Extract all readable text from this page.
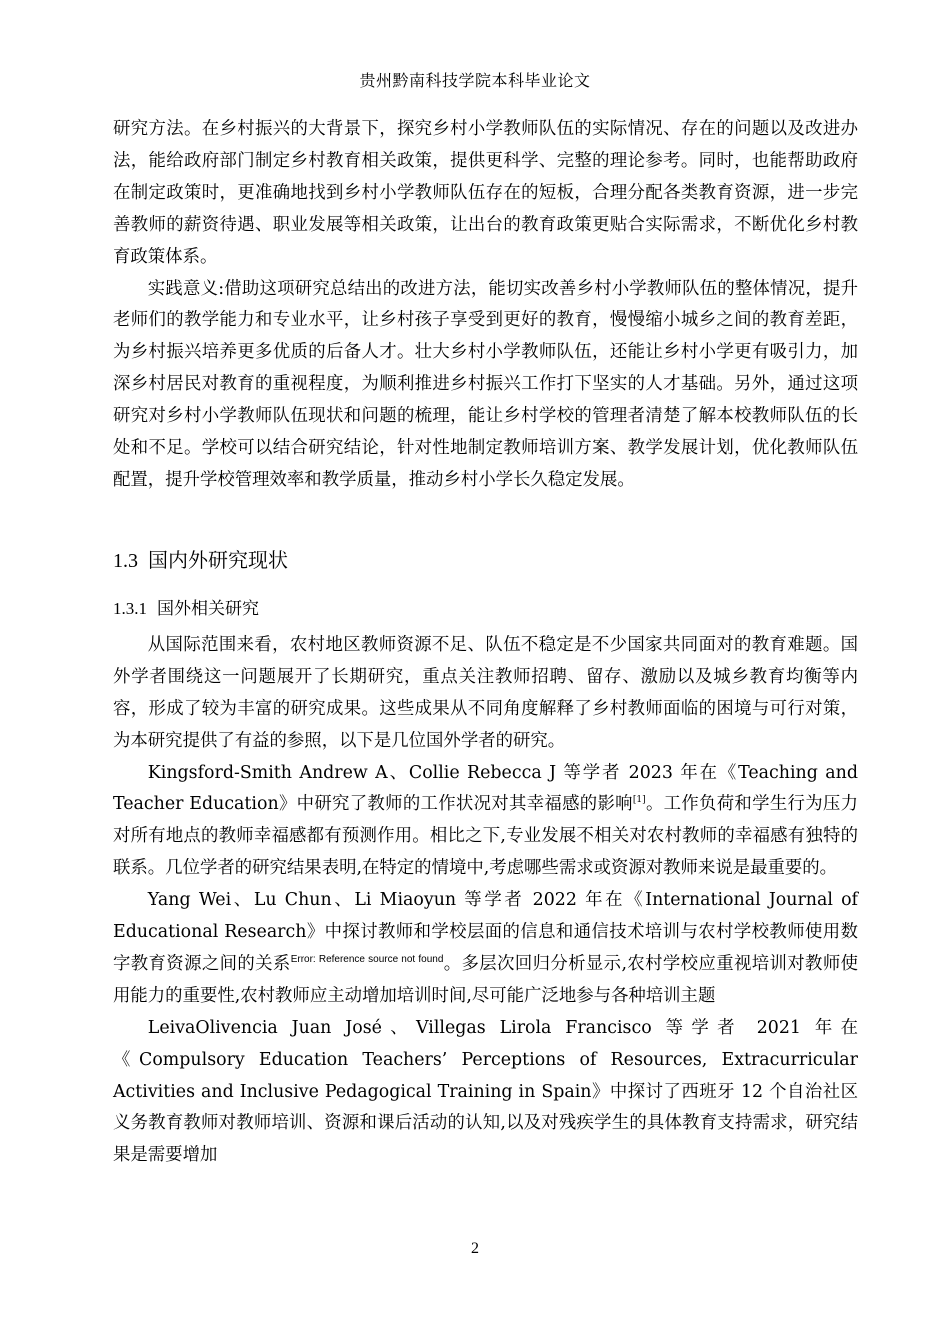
贵州黔南科技学院本科毕业论文

研究方法。在乡村振兴的大背景下，探究乡村小学教师队伍的实际情况、存在的问题以及改进办法，能给政府部门制定乡村教育相关政策，提供更科学、完整的理论参考。同时，也能帮助政府在制定政策时，更准确地找到乡村小学教师队伍存在的短板，合理分配各类教育资源，进一步完善教师的薪资待遇、职业发展等相关政策，让出台的教育政策更贴合实际需求，不断优化乡村教育政策体系。

实践意义:借助这项研究总结出的改进方法，能切实改善乡村小学教师队伍的整体情况，提升老师们的教学能力和专业水平，让乡村孩子享受到更好的教育，慢慢缩小城乡之间的教育差距，为乡村振兴培养更多优质的后备人才。壮大乡村小学教师队伍，还能让乡村小学更有吸引力，加深乡村居民对教育的重视程度，为顺利推进乡村振兴工作打下坚实的人才基础。另外，通过这项研究对乡村小学教师队伍现状和问题的梳理，能让乡村学校的管理者清楚了解本校教师队伍的长处和不足。学校可以结合研究结论，针对性地制定教师培训方案、教学发展计划，优化教师队伍配置，提升学校管理效率和教学质量，推动乡村小学长久稳定发展。

1.3 国内外研究现状
1.3.1 国外相关研究

从国际范围来看，农村地区教师资源不足、队伍不稳定是不少国家共同面对的教育难题。国外学者围绕这一问题展开了长期研究，重点关注教师招聘、留存、激励以及城乡教育均衡等内容，形成了较为丰富的研究成果。这些成果从不同角度解释了乡村教师面临的困境与可行对策，为本研究提供了有益的参照，以下是几位国外学者的研究。

Kingsford-Smith Andrew A、Collie Rebecca J 等学者 2023 年在《Teaching and Teacher Education》中研究了教师的工作状况对其幸福感的影响[1]。工作负荷和学生行为压力对所有地点的教师幸福感都有预测作用。相比之下,专业发展不相关对农村教师的幸福感有独特的联系。几位学者的研究结果表明,在特定的情境中,考虑哪些需求或资源对教师来说是最重要的。

Yang Wei、Lu Chun、Li Miaoyun 等学者 2022 年在《International Journal of Educational Research》中探讨教师和学校层面的信息和通信技术培训与农村学校教师使用数字教育资源之间的关系$^{Error: Reference source not found}$。多层次回归分析显示,农村学校应重视培训对教师使用能力的重要性,农村教师应主动增加培训时间,尽可能广泛地参与各种培训主题

LeivaOlivencia Juan José、Villegas Lirola Francisco 等学者 2021 年在《Compulsory Education Teachers’ Perceptions of Resources, Extracurricular Activities and Inclusive Pedagogical Training in Spain》中探讨了西班牙 12 个自治社区义务教育教师对教师培训、资源和课后活动的认知,以及对残疾学生的具体教育支持需求，研究结果是需要增加

2
